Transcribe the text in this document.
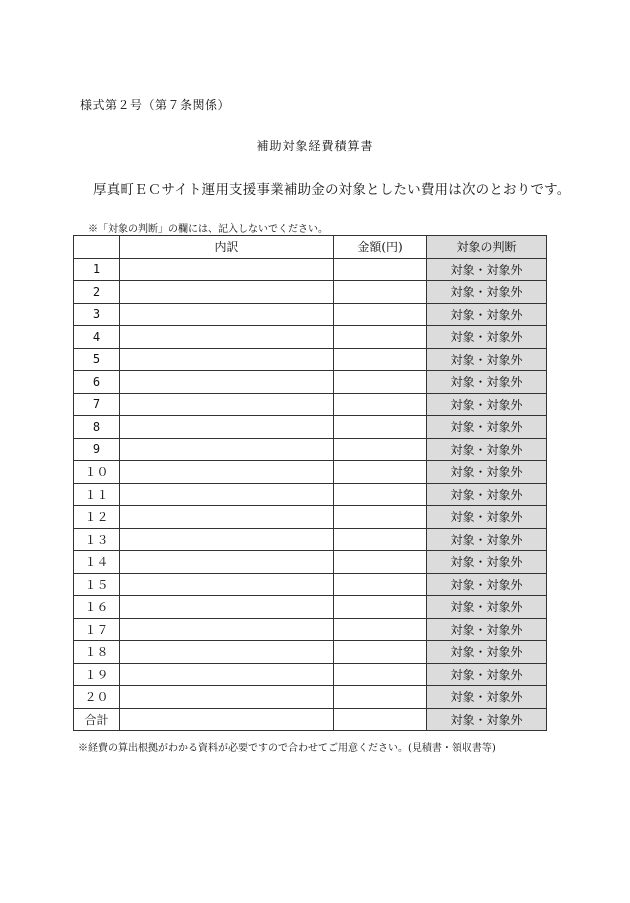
様式第２号（第７条関係）
補助対象経費積算書
厚真町ＥＣサイト運用支援事業補助金の対象としたい費用は次のとおりです。
※「対象の判断」の欄には、記入しないでください。
	内訳	金額(円)	対象の判断
1			対象・対象外
2			対象・対象外
3			対象・対象外
4			対象・対象外
5			対象・対象外
6			対象・対象外
7			対象・対象外
8			対象・対象外
9			対象・対象外
１０			対象・対象外
１１			対象・対象外
１２			対象・対象外
１３			対象・対象外
１４			対象・対象外
１５			対象・対象外
１６			対象・対象外
１７			対象・対象外
１８			対象・対象外
１９			対象・対象外
２０			対象・対象外
合計			対象・対象外
※経費の算出根拠がわかる資料が必要ですので合わせてご用意ください。(見積書・領収書等)
